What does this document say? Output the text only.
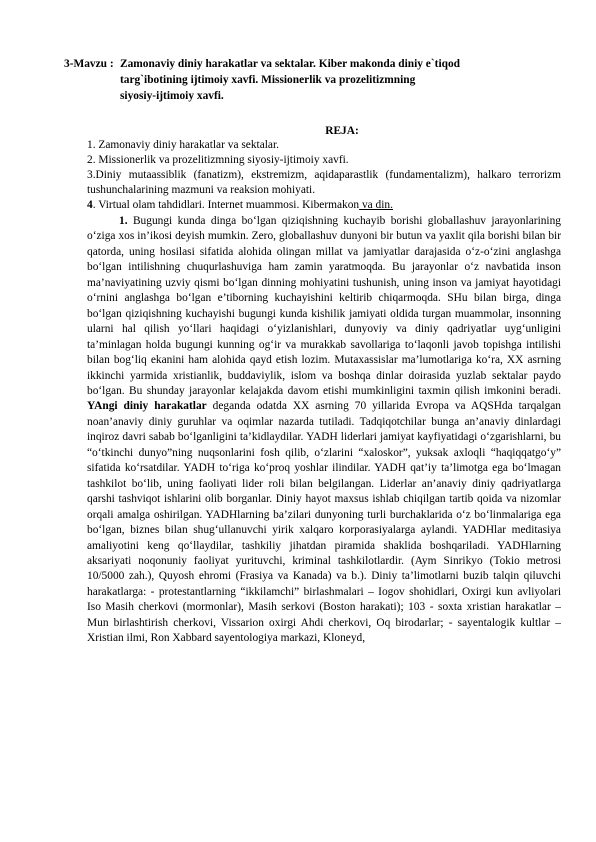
3-Mavzu : Zamonaviy diniy harakatlar va sektalar. Kiber makonda diniy e`tiqod
targ`ibotining ijtimoiy xavfi. Missionerlik va prozelitizmning
siyosiy-ijtimoiy xavfi.
REJA:

1. Zamonaviy diniy harakatlar va sektalar.

2. Missionerlik va prozelitizmning siyosiy-ijtimoiy xavfi.

3.Diniy mutaassiblik (fanatizm), ekstremizm, aqidaparastlik (fundamentalizm), halkaro terrorizm tushunchalarining mazmuni va reaksion mohiyati.

4. Virtual olam tahdidlari. Internet muammosi. Kibermakon va din.

1. Bugungi kunda dinga bo‘lgan qiziqishning kuchayib borishi globallashuv jarayonlarining o‘ziga xos in’ikosi deyish mumkin. Zero, globallashuv dunyoni bir butun va yaxlit qila borishi bilan bir qatorda, uning hosilasi sifatida alohida olingan millat va jamiyatlar darajasida o‘z-o‘zini anglashga bo‘lgan intilishning chuqurlashuviga ham zamin yaratmoqda. Bu jarayonlar o‘z navbatida inson ma’naviyatining uzviy qismi bo‘lgan dinning mohiyatini tushunish, uning inson va jamiyat hayotidagi o‘rnini anglashga bo‘lgan e’tiborning kuchayishini keltirib chiqarmoqda. SHu bilan birga, dinga bo‘lgan qiziqishning kuchayishi bugungi kunda kishilik jamiyati oldida turgan muammolar, insonning ularni hal qilish yo‘llari haqidagi o‘yizlanishlari, dunyoviy va diniy qadriyatlar uyg‘unligini ta’minlagan holda bugungi kunning og‘ir va murakkab savollariga to‘laqonli javob topishga intilishi bilan bog‘liq ekanini ham alohida qayd etish lozim. Mutaxassislar ma’lumotlariga ko‘ra, XX asrning ikkinchi yarmida xristianlik, buddaviylik, islom va boshqa dinlar doirasida yuzlab sektalar paydo bo‘lgan. Bu shunday jarayonlar kelajakda davom etishi mumkinligini taxmin qilish imkonini beradi. YAngi diniy harakatlar deganda odatda XX asrning 70 yillarida Evropa va AQSHda tarqalgan noan’anaviy diniy guruhlar va oqimlar nazarda tutiladi. Tadqiqotchilar bunga an’anaviy dinlardagi inqiroz davri sabab bo‘lganligini ta’kidlaydilar. YADH liderlari jamiyat kayfiyatidagi o‘zgarishlarni, bu “o‘tkinchi dunyo”ning nuqsonlarini fosh qilib, o‘zlarini “xaloskor”, yuksak axloqli “haqiqqatgo‘y” sifatida ko‘rsatdilar. YADH to‘riga ko‘proq yoshlar ilindilar. YADH qat’iy ta’limotga ega bo‘lmagan tashkilot bo‘lib, uning faoliyati lider roli bilan belgilangan. Liderlar an’anaviy diniy qadriyatlarga qarshi tashviqot ishlarini olib borganlar. Diniy hayot maxsus ishlab chiqilgan tartib qoida va nizomlar orqali amalga oshirilgan. YADHlarning ba’zilari dunyoning turli burchaklarida o‘z bo‘linmalariga ega bo‘lgan, biznes bilan shug‘ullanuvchi yirik xalqaro korporasiyalarga aylandi. YADHlar meditasiya amaliyotini keng qo‘llaydilar, tashkiliy jihatdan piramida shaklida boshqariladi. YADHlarning aksariyati noqonuniy faoliyat yurituvchi, kriminal tashkilotlardir. (Aym Sinrikyo (Tokio metrosi 10/5000 zah.), Quyosh ehromi (Frasiya va Kanada) va b.). Diniy ta’limotlarni buzib talqin qiluvchi harakatlarga: - protestantlarning “ikkilamchi” birlashmalari – Iogov shohidlari, Oxirgi kun avliyolari Iso Masih cherkovi (mormonlar), Masih serkovi (Boston harakati); 103 - soxta xristian harakatlar – Mun birlashtirish cherkovi, Vissarion oxirgi Ahdi cherkovi, Oq birodarlar; - sayentalogik kultlar – Xristian ilmi, Ron Xabbard sayentologiya markazi, Kloneyd,
